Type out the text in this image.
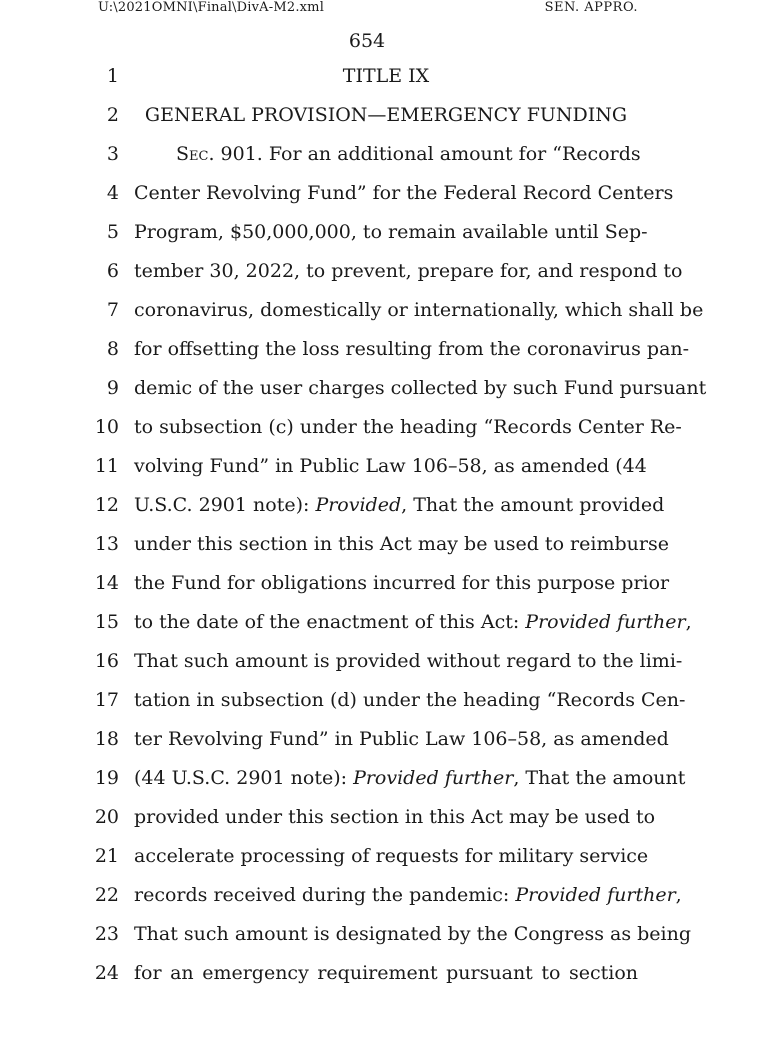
U:\2021OMNI\Final\DivA-M2.xml	SEN. APPRO.
654
1	TITLE IX
2 GENERAL PROVISION—EMERGENCY FUNDING
3	Sec. 901. For an additional amount for “Records
4 Center Revolving Fund” for the Federal Record Centers
5 Program, $50,000,000, to remain available until Sep-
6 tember 30, 2022, to prevent, prepare for, and respond to
7 coronavirus, domestically or internationally, which shall be
8 for offsetting the loss resulting from the coronavirus pan-
9 demic of the user charges collected by such Fund pursuant
10 to subsection (c) under the heading “Records Center Re-
11 volving Fund” in Public Law 106–58, as amended (44
12 U.S.C. 2901 note): Provided, That the amount provided
13 under this section in this Act may be used to reimburse
14 the Fund for obligations incurred for this purpose prior
15 to the date of the enactment of this Act: Provided further,
16 That such amount is provided without regard to the limi-
17 tation in subsection (d) under the heading “Records Cen-
18 ter Revolving Fund” in Public Law 106–58, as amended
19 (44 U.S.C. 2901 note): Provided further, That the amount
20 provided under this section in this Act may be used to
21 accelerate processing of requests for military service
22 records received during the pandemic: Provided further,
23 That such amount is designated by the Congress as being
24 for an emergency requirement pursuant to section
